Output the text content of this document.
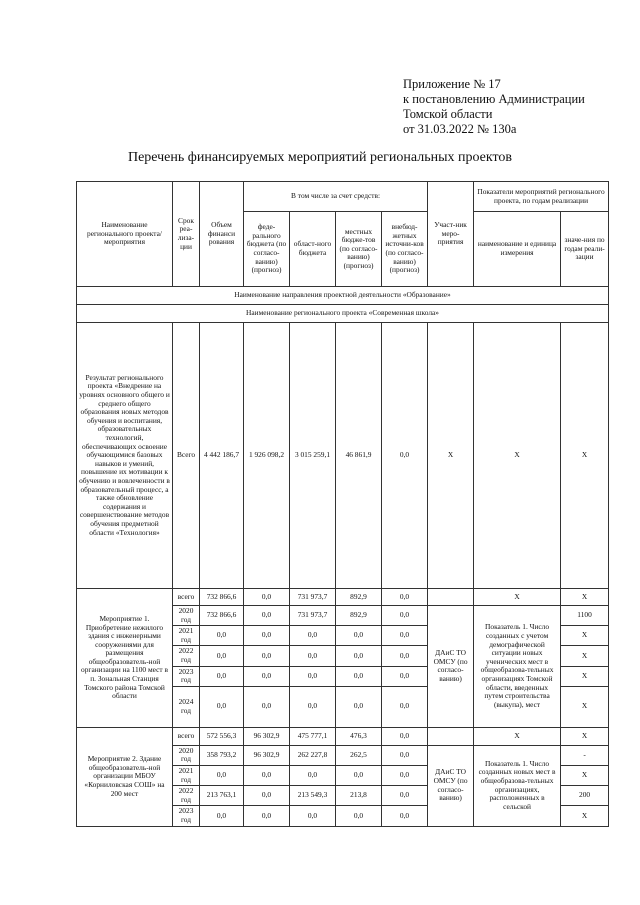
Приложение № 17
к постановлению Администрации
Томской области
от 31.03.2022 № 130а
Перечень финансируемых мероприятий региональных проектов
Наименование регионального проекта/ мероприятия	Срок реа-лиза-ции	Объем финанси рования	В том числе за счет средств:				Участ-ник меро-приятия	Показатели мероприятий регионального проекта, по годам реализации	
			феде-рального бюджета (по согласо-ванию) (прогноз)	област-ного бюджета	местных бюдже-тов (по согласо-ванию) (прогноз)	внебюд-жетных источни-ков (по согласо-ванию) (прогноз)		наименование и единица измерения	значе-ния по годам реали-зации
Наименование направления проектной деятельности «Образование»									
Наименование регионального проекта «Современная школа»									
Результат регионального проекта «Внедрение на уровнях основного общего и среднего общего образования новых методов обучения и воспитания, образовательных технологий, обеспечивающих освоение обучающимися базовых навыков и умений, повышение их мотивации к обучению и вовлеченности в образовательный процесс, а также обновление содержания и совершенствование методов обучения предметной области «Технология»	Всего	4 442 186,7	1 926 098,2	3 015 259,1	46 861,9	0,0	X	X	X
Мероприятие 1. Приобретение нежилого здания с инженерными сооружениями для размещения общеобразователь-ной организации на 1100 мест в п. Зональная Станция Томского района Томской области	всего	732 866,6	0,0	731 973,7	892,9	0,0		X	X
	2020 год	732 866,6	0,0	731 973,7	892,9	0,0	ДАиС ТО ОМСУ (по согласо-ванию)	Показатель 1. Число созданных с учетом демографической ситуации новых ученических мест в общеобразова-тельных организациях Томской области, введенных путем строительства (выкупа), мест	1100
	2021 год	0,0	0,0	0,0	0,0	0,0			X
	2022 год	0,0	0,0	0,0	0,0	0,0			X
	2023 год	0,0	0,0	0,0	0,0	0,0			X
	2024 год	0,0	0,0	0,0	0,0	0,0			X
Мероприятие 2. Здание общеобразователь-ной организации МБОУ «Корниловская СОШ» на 200 мест	всего	572 556,3	96 302,9	475 777,1	476,3	0,0		X	X
	2020 год	358 793,2	96 302,9	262 227,8	262,5	0,0	ДАиС ТО ОМСУ (по согласо-ванию)	Показатель 1. Число созданных новых мест в общеобразова-тельных организациях, расположенных в сельской	-
	2021 год	0,0	0,0	0,0	0,0	0,0			X
	2022 год	213 763,1	0,0	213 549,3	213,8	0,0			200
	2023 год	0,0	0,0	0,0	0,0	0,0			X
